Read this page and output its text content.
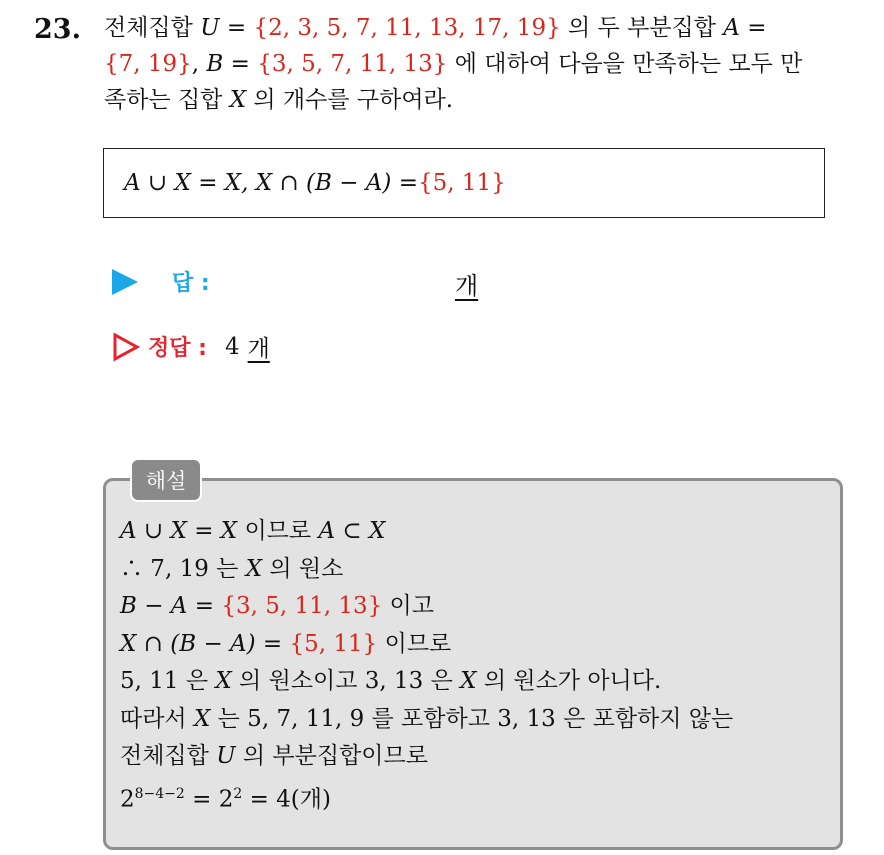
23. 전체집합 U = {2, 3, 5, 7, 11, 13, 17, 19} 의 두 부분집합 A =
{7, 19}, B = {3, 5, 7, 11, 13} 에 대하여 다음을 만족하는 모두 만
족하는 집합 X 의 개수를 구하여라.
A ∪ X = X, X ∩ (B − A) = {5, 11}
답 :	개
정답 : 4 개
해설
A ∪ X = X 이므로 A ⊂ X
∴ 7, 19 는 X 의 원소
B − A = {3, 5, 11, 13} 이고
X ∩ (B − A) = {5, 11} 이므로
5, 11 은 X 의 원소이고 3, 13 은 X 의 원소가 아니다.
따라서 X 는 5, 7, 11, 9 를 포함하고 3, 13 은 포함하지 않는
전체집합 U 의 부분집합이므로
$2^{8-4-2} = 2^2 = 4$(개)
